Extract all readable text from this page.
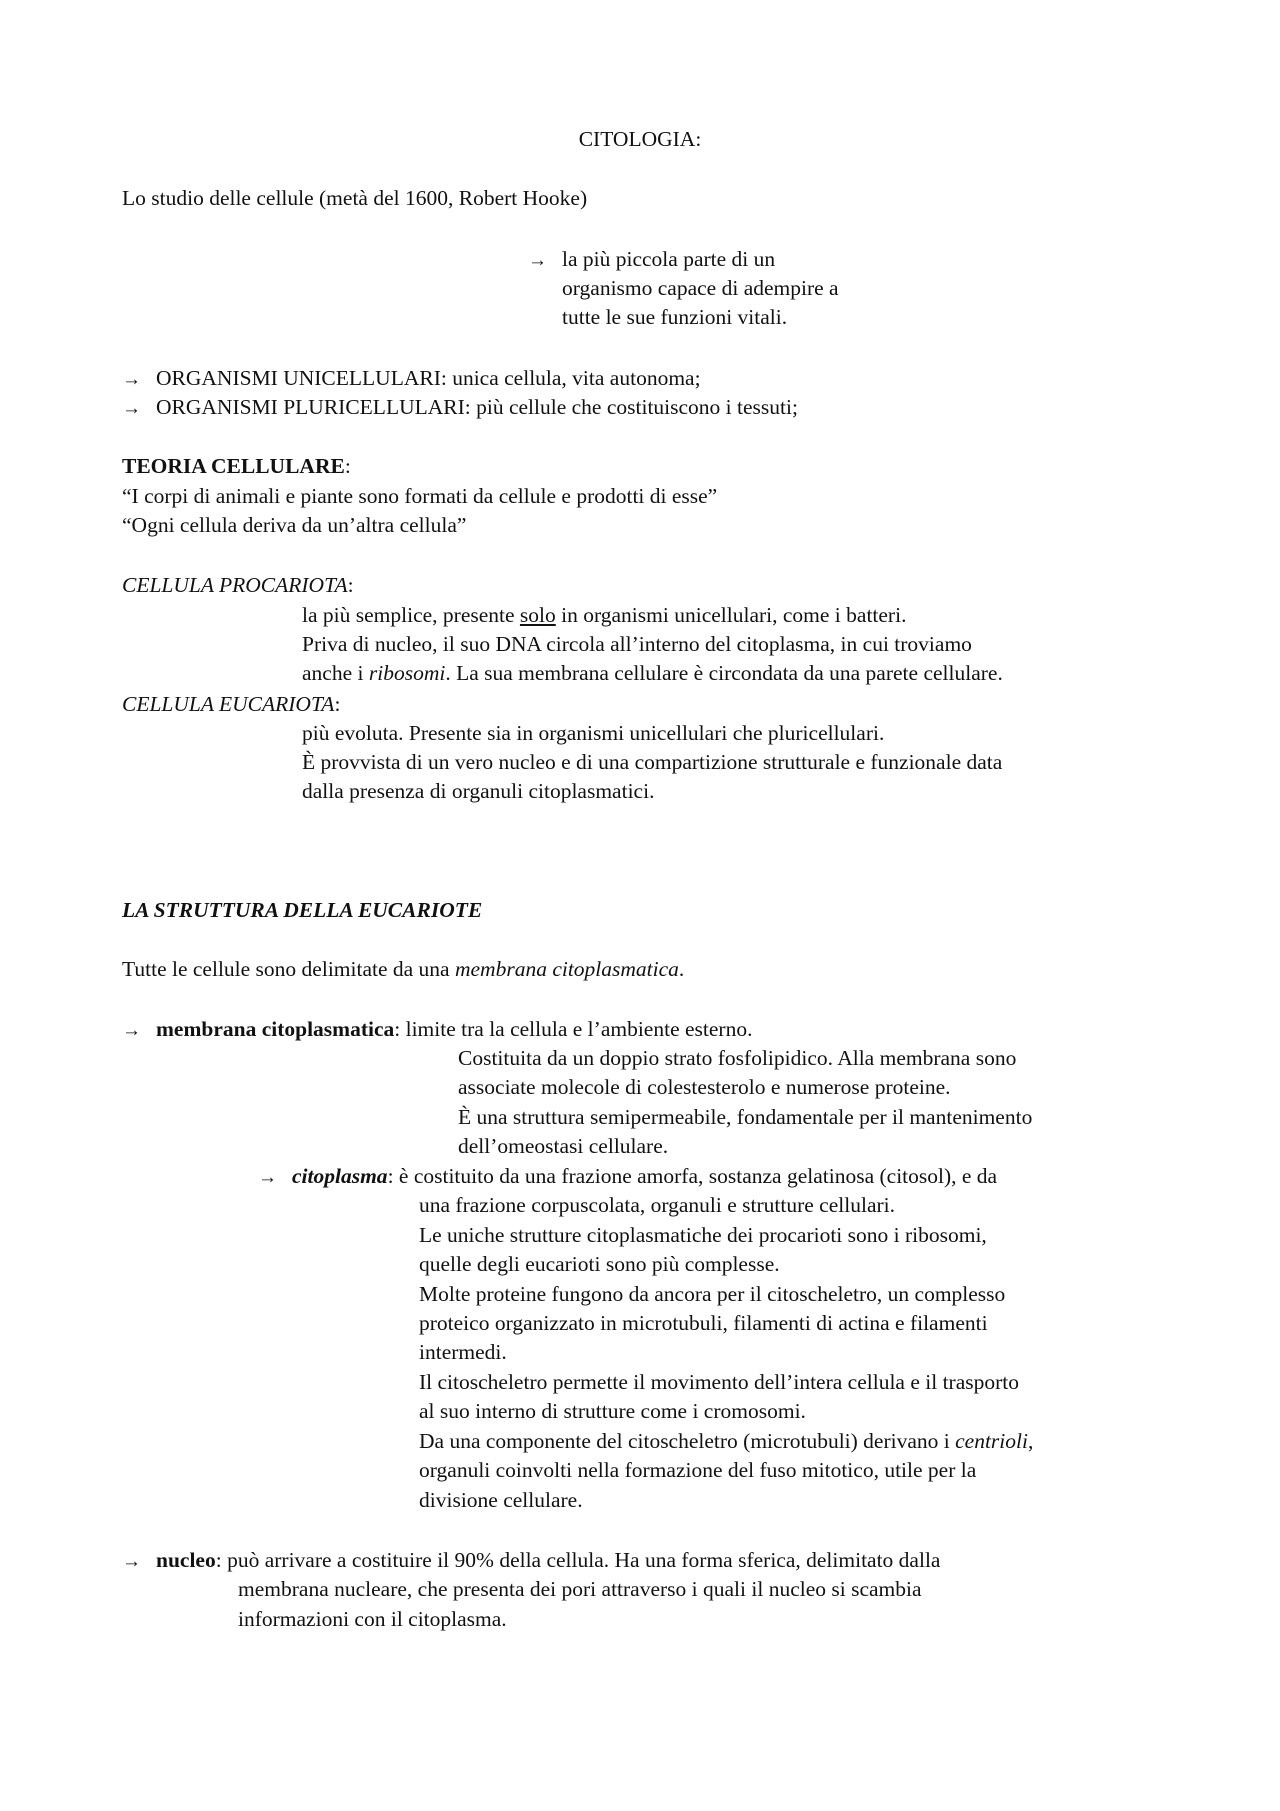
CITOLOGIA:
Lo studio delle cellule (metà del 1600, Robert Hooke)
→ la più piccola parte di un
organismo capace di adempire a
tutte le sue funzioni vitali.
→ ORGANISMI UNICELLULARI: unica cellula, vita autonoma;
→ ORGANISMI PLURICELLULARI: più cellule che costituiscono i tessuti;
TEORIA CELLULARE:
“I corpi di animali e piante sono formati da cellule e prodotti di esse”
“Ogni cellula deriva da un’altra cellula”
CELLULA PROCARIOTA:
la più semplice, presente solo in organismi unicellulari, come i batteri.
Priva di nucleo, il suo DNA circola all’interno del citoplasma, in cui troviamo
anche i ribosomi. La sua membrana cellulare è circondata da una parete cellulare.
CELLULA EUCARIOTA:
più evoluta. Presente sia in organismi unicellulari che pluricellulari.
È provvista di un vero nucleo e di una compartizione strutturale e funzionale data
dalla presenza di organuli citoplasmatici.
LA STRUTTURA DELLA EUCARIOTE
Tutte le cellule sono delimitate da una membrana citoplasmatica.
→ membrana citoplasmatica: limite tra la cellula e l’ambiente esterno.
Costituita da un doppio strato fosfolipidico. Alla membrana sono
associate molecole di colestesterolo e numerose proteine.
È una struttura semipermeabile, fondamentale per il mantenimento
dell’omeostasi cellulare.
→ citoplasma: è costituito da una frazione amorfa, sostanza gelatinosa (citosol), e da
una frazione corpuscolata, organuli e strutture cellulari.
Le uniche strutture citoplasmatiche dei procarioti sono i ribosomi,
quelle degli eucarioti sono più complesse.
Molte proteine fungono da ancora per il citoscheletro, un complesso
proteico organizzato in microtubuli, filamenti di actina e filamenti
intermedi.
Il citoscheletro permette il movimento dell’intera cellula e il trasporto
al suo interno di strutture come i cromosomi.
Da una componente del citoscheletro (microtubuli) derivano i centrioli,
organuli coinvolti nella formazione del fuso mitotico, utile per la
divisione cellulare.
→ nucleo: può arrivare a costituire il 90% della cellula. Ha una forma sferica, delimitato dalla
membrana nucleare, che presenta dei pori attraverso i quali il nucleo si scambia
informazioni con il citoplasma.
